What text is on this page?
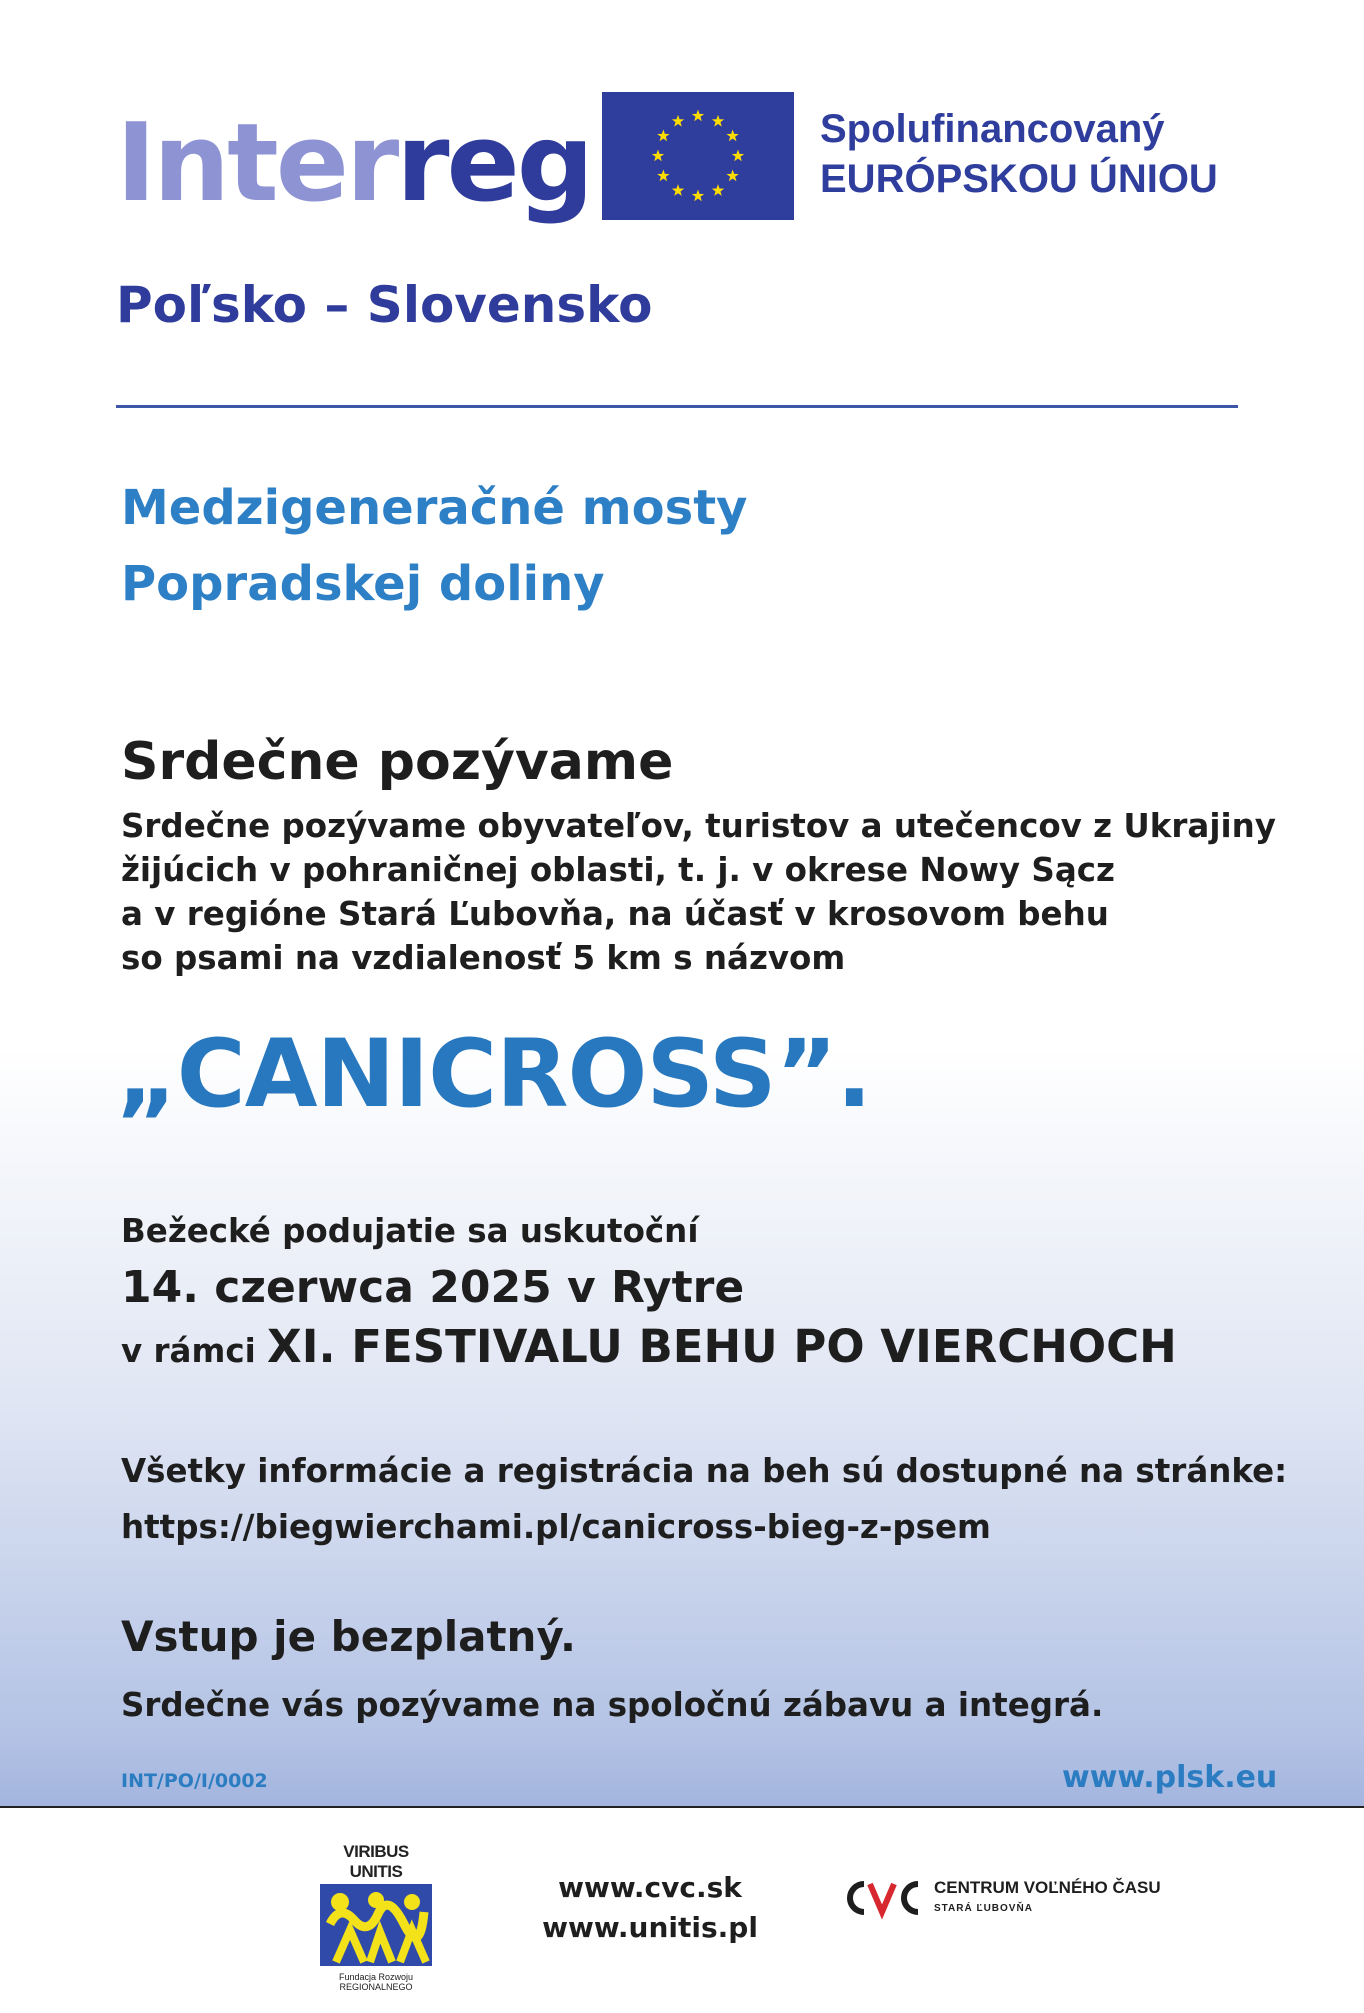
Interreg	Spolufinancovaný
EURÓPSKOU ÚNIOU
Poľsko – Slovensko
Medzigeneračné mosty
Popradskej doliny
Srdečne pozývame
Srdečne pozývame obyvateľov, turistov a utečencov z Ukrajiny
žijúcich v pohraničnej oblasti, t. j. v okrese Nowy Sącz
a v regióne Stará Ľubovňa, na účasť v krosovom behu
so psami na vzdialenosť 5 km s názvom
„CANICROSS”.
Bežecké podujatie sa uskutoční
14. czerwca 2025 v Rytre
v rámci XI. FESTIVALU BEHU PO VIERCHOCH
Všetky informácie a registrácia na beh sú dostupné na stránke:
https://biegwierchami.pl/canicross-bieg-z-psem
Vstup je bezplatný.
Srdečne vás pozývame na spoločnú zábavu a integrá.
INT/PO/I/0002	www.plsk.eu
VIRIBUS UNITIS
Fundacja Rozwoju
REGIONALNEGO
www.cvc.sk
www.unitis.pl
CENTRUM VOĽNÉHO ČASU
STARÁ ĽUBOVŇA
